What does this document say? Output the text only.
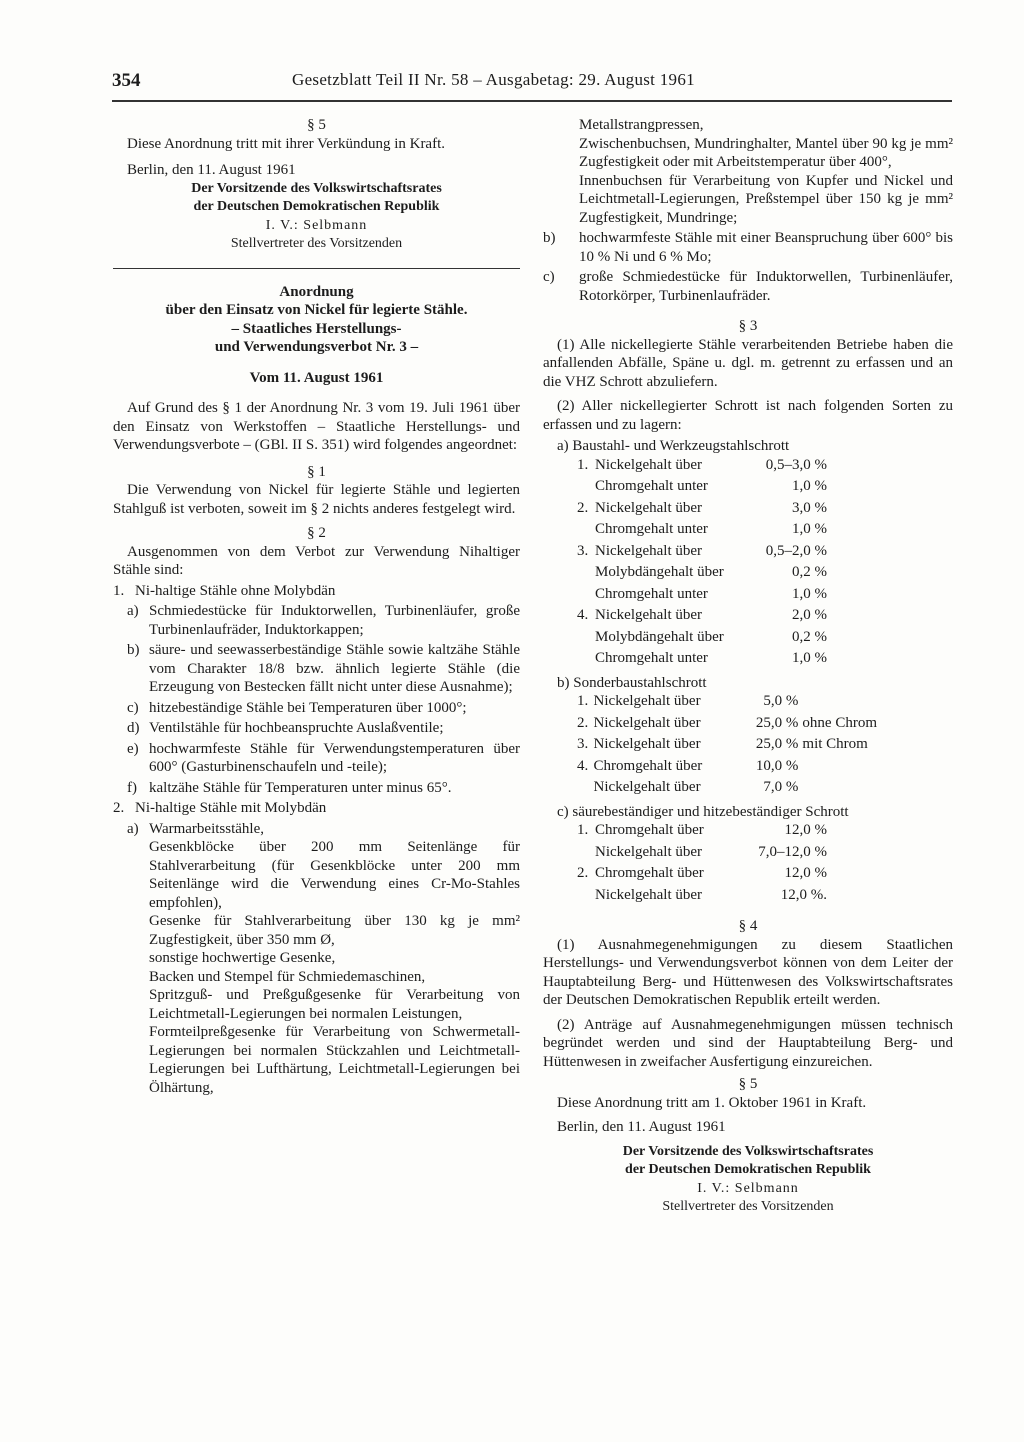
354	Gesetzblatt Teil II Nr. 58 – Ausgabetag: 29. August 1961

§ 5

Diese Anordnung tritt mit ihrer Verkündung in Kraft.

Berlin, den 11. August 1961

Der Vorsitzende des Volkswirtschaftsrates

der Deutschen Demokratischen Republik

I. V.: Selbmann

Stellvertreter des Vorsitzenden

Anordnung

über den Einsatz von Nickel für legierte Stähle.

– Staatliches Herstellungs-

und Verwendungsverbot Nr. 3 –

Vom 11. August 1961

Auf Grund des § 1 der Anordnung Nr. 3 vom 19. Juli 1961 über den Einsatz von Werkstoffen – Staatliche Herstellungs- und Verwendungsverbote – (GBl. II S. 351) wird folgendes angeordnet:

§ 1

Die Verwendung von Nickel für legierte Stähle und legierten Stahlguß ist verboten, soweit im § 2 nichts anderes festgelegt wird.

§ 2

Ausgenommen von dem Verbot zur Verwendung Nihaltiger Stähle sind:

1. Ni-haltige Stähle ohne Molybdän
a) Schmiedestücke für Induktorwellen, Turbinenläufer, große Turbinenlaufräder, Induktorkappen;
b) säure- und seewasserbeständige Stähle sowie kaltzähe Stähle vom Charakter 18/8 bzw. ähnlich legierte Stähle (die Erzeugung von Bestecken fällt nicht unter diese Ausnahme);
c) hitzebeständige Stähle bei Temperaturen über 1000°;
d) Ventilstähle für hochbeanspruchte Auslaßventile;
e) hochwarmfeste Stähle für Verwendungstemperaturen über 600° (Gasturbinenschaufeln und -teile);
f) kaltzähe Stähle für Temperaturen unter minus 65°.
2. Ni-haltige Stähle mit Molybdän
a) Warmarbeitsstähle,

Gesenkblöcke über 200 mm Seitenlänge für Stahlverarbeitung (für Gesenkblöcke unter 200 mm Seitenlänge wird die Verwendung eines Cr-Mo-Stahles empfohlen),

Gesenke für Stahlverarbeitung über 130 kg je mm² Zugfestigkeit, über 350 mm Ø,

sonstige hochwertige Gesenke,

Backen und Stempel für Schmiedemaschinen,

Spritzguß- und Preßgußgesenke für Verarbeitung von Leichtmetall-Legierungen bei normalen Leistungen,

Formteilpreßgesenke für Verarbeitung von Schwermetall-Legierungen bei normalen Stückzahlen und Leichtmetall-Legierungen bei Lufthärtung, Leichtmetall-Legierungen bei Ölhärtung,

Metallstrangpressen,

Zwischenbuchsen, Mundringhalter, Mantel über 90 kg je mm² Zugfestigkeit oder mit Arbeitstemperatur über 400°,

Innenbuchsen für Verarbeitung von Kupfer und Nickel und Leichtmetall-Legierungen, Preßstempel über 150 kg je mm² Zugfestigkeit, Mundringe;

b)	hochwarmfeste Stähle mit einer Beanspruchung über 600° bis 10 % Ni und 6 % Mo;
c)	große Schmiedestücke für Induktorwellen, Turbinenläufer, Rotorkörper, Turbinenlaufräder.

§ 3

(1) Alle nickellegierte Stähle verarbeitenden Betriebe haben die anfallenden Abfälle, Späne u. dgl. m. getrennt zu erfassen und an die VHZ Schrott abzuliefern.

(2) Aller nickellegierter Schrott ist nach folgenden Sorten zu erfassen und zu lagern:

a) Baustahl- und Werkzeugstahlschrott

1.	Nickelgehalt über	0,5–3,0 %	
	Chromgehalt unter	1,0 %	
2.	Nickelgehalt über	3,0 %	
	Chromgehalt unter	1,0 %	
3.	Nickelgehalt über	0,5–2,0 %	
	Molybdängehalt über	0,2 %	
	Chromgehalt unter	1,0 %	
4.	Nickelgehalt über	2,0 %	
	Molybdängehalt über	0,2 %	
	Chromgehalt unter	1,0 %	

b) Sonderbaustahlschrott

1.	Nickelgehalt über	5,0 %	
2.	Nickelgehalt über	25,0 %	ohne Chrom
3.	Nickelgehalt über	25,0 %	mit Chrom
4.	Chromgehalt über	10,0 %	
	Nickelgehalt über	7,0 %	

c) säurebeständiger und hitzebeständiger Schrott

1.	Chromgehalt über	12,0 %	
	Nickelgehalt über	7,0–12,0 %	
2.	Chromgehalt über	12,0 %	
	Nickelgehalt über	12,0 %.	

§ 4

(1) Ausnahmegenehmigungen zu diesem Staatlichen Herstellungs- und Verwendungsverbot können von dem Leiter der Hauptabteilung Berg- und Hüttenwesen des Volkswirtschaftsrates der Deutschen Demokratischen Republik erteilt werden.

(2) Anträge auf Ausnahmegenehmigungen müssen technisch begründet werden und sind der Hauptabteilung Berg- und Hüttenwesen in zweifacher Ausfertigung einzureichen.

§ 5

Diese Anordnung tritt am 1. Oktober 1961 in Kraft.

Berlin, den 11. August 1961

Der Vorsitzende des Volkswirtschaftsrates

der Deutschen Demokratischen Republik

I. V.: Selbmann

Stellvertreter des Vorsitzenden
